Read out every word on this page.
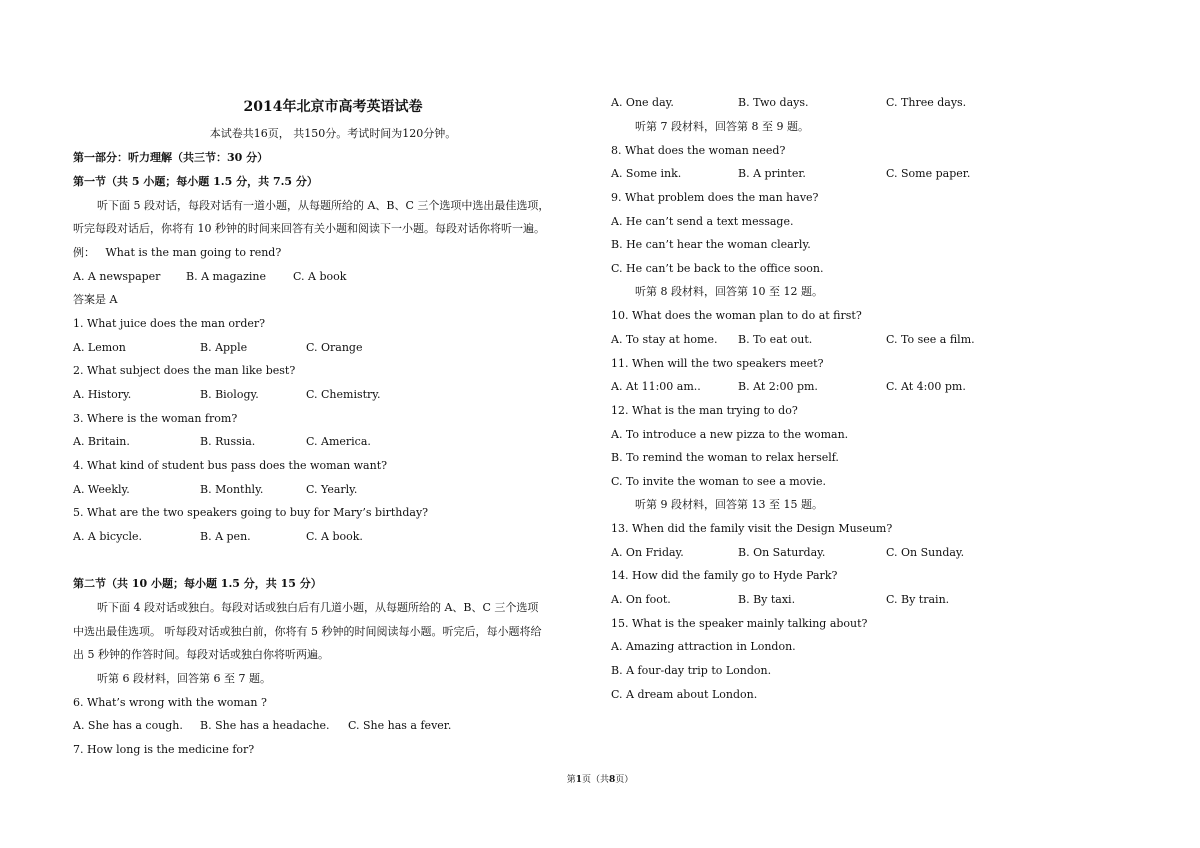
2014年北京市高考英语试卷
本试卷共16页， 共150分。考试时间为120分钟。
第一部分：听力理解（共三节：30 分）
第一节（共 5 小题；每小题 1.5 分，共 7.5 分）
听下面 5 段对话，每段对话有一道小题，从每题所给的 A、B、C 三个选项中选出最佳选项，
听完每段对话后，你将有 10 秒钟的时间来回答有关小题和阅读下一小题。每段对话你将听一遍。
例： What is the man going to rend?
A. A newspaper B. A magazine C. A book
答案是 A
1. What juice does the man order?
A. Lemon	B. Apple	C. Orange
2. What subject does the man like best?
A. History.	B. Biology.	C. Chemistry.
3. Where is the woman from?
A. Britain.	B. Russia.	C. America.
4. What kind of student bus pass does the woman want?
A. Weekly.	B. Monthly.	C. Yearly.
5. What are the two speakers going to buy for Mary’s birthday?
A. A bicycle.	B. A pen.	C. A book.
第二节（共 10 小题；每小题 1.5 分，共 15 分）
听下面 4 段对话或独白。每段对话或独白后有几道小题，从每题所给的 A、B、C 三个选项
中选出最佳选项。 听每段对话或独白前，你将有 5 秒钟的时间阅读每小题。听完后，每小题将给
出 5 秒钟的作答时间。每段对话或独白你将听两遍。
听第 6 段材料，回答第 6 至 7 题。
6. What’s wrong with the woman ?
A. She has a cough. B. She has a headache. C. She has a fever.
7. How long is the medicine for?
A. One day.	B. Two days.	C. Three days.
听第 7 段材料，回答第 8 至 9 题。
8. What does the woman need?
A. Some ink.	B. A printer.	C. Some paper.
9. What problem does the man have?
A. He can’t send a text message.
B. He can’t hear the woman clearly.
C. He can’t be back to the office soon.
听第 8 段材料，回答第 10 至 12 题。
10. What does the woman plan to do at first?
A. To stay at home. B. To eat out.	C. To see a film.
11. When will the two speakers meet?
A. At 11:00 am..	B. At 2:00 pm.	C. At 4:00 pm.
12. What is the man trying to do?
A. To introduce a new pizza to the woman.
B. To remind the woman to relax herself.
C. To invite the woman to see a movie.
听第 9 段材料，回答第 13 至 15 题。
13. When did the family visit the Design Museum?
A. On Friday.	B. On Saturday.	C. On Sunday.
14. How did the family go to Hyde Park?
A. On foot.	B. By taxi.	C. By train.
15. What is the speaker mainly talking about?
A. Amazing attraction in London.
B. A four-day trip to London.
C. A dream about London.
第1页（共8页）
